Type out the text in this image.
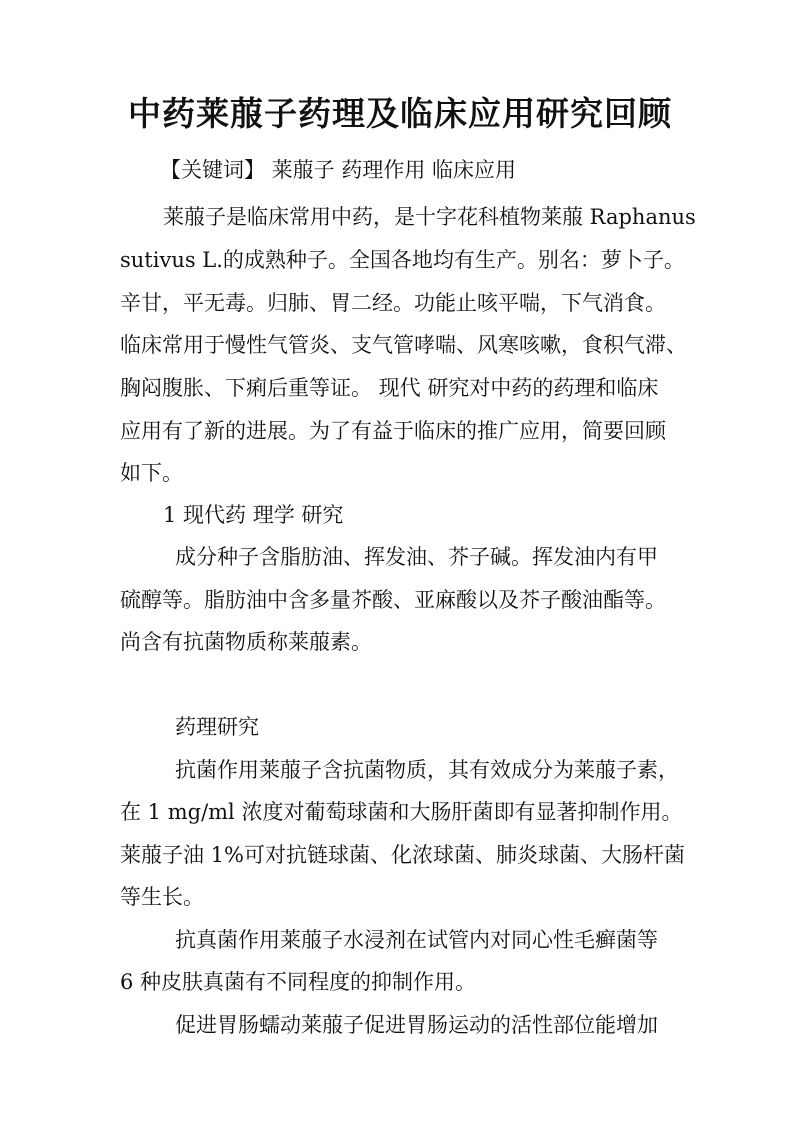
中药莱菔子药理及临床应用研究回顾
【关键词】 莱菔子 药理作用 临床应用
莱菔子是临床常用中药，是十字花科植物莱菔 Raphanus
sutivus L.的成熟种子。全国各地均有生产。别名：萝卜子。
辛甘，平无毒。归肺、胃二经。功能止咳平喘，下气消食。
临床常用于慢性气管炎、支气管哮喘、风寒咳嗽，食积气滞、
胸闷腹胀、下痢后重等证。 现代 研究对中药的药理和临床
应用有了新的进展。为了有益于临床的推广应用，简要回顾
如下。
1 现代药 理学 研究
成分种子含脂肪油、挥发油、芥子碱。挥发油内有甲
硫醇等。脂肪油中含多量芥酸、亚麻酸以及芥子酸油酯等。
尚含有抗菌物质称莱菔素。
药理研究
抗菌作用莱菔子含抗菌物质，其有效成分为莱菔子素，
在 1 mg/ml 浓度对葡萄球菌和大肠肝菌即有显著抑制作用。
莱菔子油 1%可对抗链球菌、化浓球菌、肺炎球菌、大肠杆菌
等生长。
抗真菌作用莱菔子水浸剂在试管内对同心性毛癣菌等
6 种皮肤真菌有不同程度的抑制作用。
促进胃肠蠕动莱菔子促进胃肠运动的活性部位能增加
